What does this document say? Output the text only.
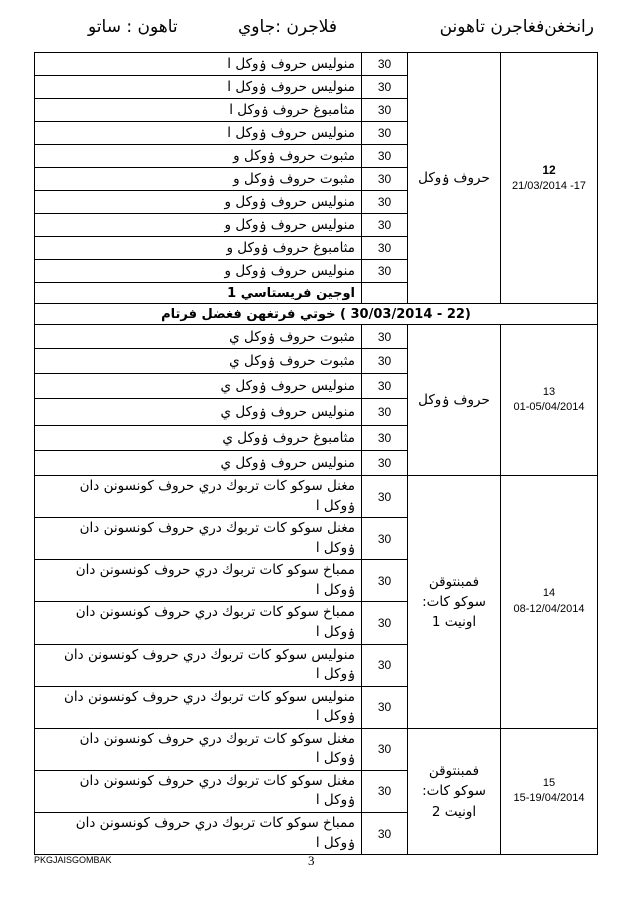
رانخغن‌فغاجرن تاهونن
فلاجرن :جاوي
تاهون : ساتو
12
17- 21/03/2014	حروف ۏوكل	30	منوليس حروف ۏوكل ا
		30	منوليس حروف ۏوكل ا
		30	مثامبوغ حروف ۏوكل ا
		30	منوليس حروف ۏوكل ا
		30	مثبوت حروف ۏوكل و
		30	مثبوت حروف ۏوكل و
		30	منوليس حروف ۏوكل و
		30	منوليس حروف ۏوكل و
		30	مثامبوغ حروف ۏوكل و
		30	منوليس حروف ۏوكل و
			اوجين فريستاسي 1
(22 - 30/03/2014 ) خوتي فرتغهن فغضل فرتام			
13
01-05/04/2014	حروف ۏوكل	30	مثبوت حروف ۏوكل ي
		30	مثبوت حروف ۏوكل ي
		30	منوليس حروف ۏوكل ي
		30	منوليس حروف ۏوكل ي
		30	مثامبوغ حروف ۏوكل ي
		30	منوليس حروف ۏوكل ي
14
08-12/04/2014	فمبنتوقن
سوكو كات:
اونيت 1	30	مغنل سوكو كات تربوك دري حروف كونسونن دان
ۏوكل ا
		30	مغنل سوكو كات تربوك دري حروف كونسونن دان
ۏوكل ا
		30	ممباخ سوكو كات تربوك دري حروف كونسونن دان
ۏوكل ا
		30	ممباخ سوكو كات تربوك دري حروف كونسونن دان
ۏوكل ا
		30	منوليس سوكو كات تربوك دري حروف كونسونن دان
ۏوكل ا
		30	منوليس سوكو كات تربوك دري حروف كونسونن دان
ۏوكل ا
15
15-19/04/2014	فمبنتوقن
سوكو كات:
اونيت 2	30	مغنل سوكو كات تربوك دري حروف كونسونن دان
ۏوكل ا
		30	مغنل سوكو كات تربوك دري حروف كونسونن دان
ۏوكل ا
		30	ممباخ سوكو كات تربوك دري حروف كونسونن دان
ۏوكل ا
PKGJAISGOMBAK	3
